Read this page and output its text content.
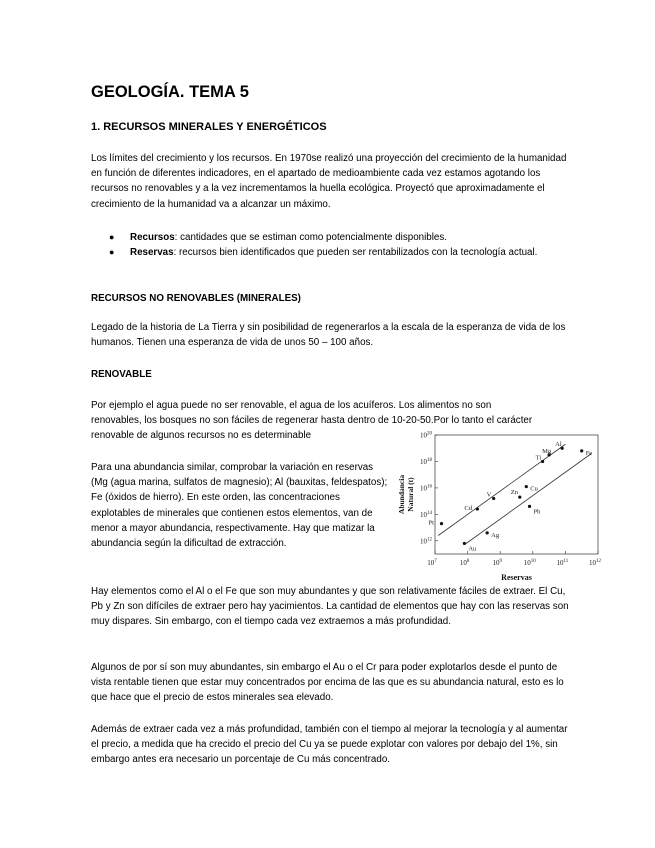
GEOLOGÍA. TEMA 5
1. RECURSOS MINERALES Y ENERGÉTICOS

Los límites del crecimiento y los recursos. En 1970se realizó una proyección del crecimiento de la humanidad en función de diferentes indicadores, en el apartado de medioambiente cada vez estamos agotando los recursos no renovables y a la vez incrementamos la huella ecológica. Proyectó que aproximadamente el crecimiento de la humanidad va a alcanzar un máximo.

● Recursos: cantidades que se estiman como potencialmente disponibles.
● Reservas: recursos bien identificados que pueden ser rentabilizados con la tecnología actual.
RECURSOS NO RENOVABLES (MINERALES)

Legado de la historia de La Tierra y sin posibilidad de regenerarlos a la escala de la esperanza de vida de los humanos. Tienen una esperanza de vida de unos 50 – 100 años.

RENOVABLE

Por ejemplo el agua puede no ser renovable, el agua de los acuíferos. Los alimentos no son renovables, los bosques no son fáciles de regenerar hasta dentro de 10-20-50.Por lo tanto el carácter renovable de algunos recursos no es determinable

Para una abundancia similar, comprobar la variación en reservas (Mg (agua marina, sulfatos de magnesio); Al (bauxitas, feldespatos); Fe (óxidos de hierro). En este orden, las concentraciones explotables de minerales que contienen estos elementos, van de menor a mayor abundancia, respectivamente. Hay que matizar la abundancia según la dificultad de extracción.

$10^7$	$10^8$	$10^9$	$10^{10}$	$10^{11}$	$10^{12}$
$10^{12}$
$10^{14}$
$10^{16}$
$10^{18}$
$10^{20}$
Au
Ag
Pt
Cd
V
Pb
Zn
Cu
Ti
Mg
Al
Fe
Reservas
AbundanciaNatural (t)

Hay elementos como el Al o el Fe que son muy abundantes y que son relativamente fáciles de extraer. El Cu, Pb y Zn son difíciles de extraer pero hay yacimientos. La cantidad de elementos que hay con las reservas son muy dispares. Sin embargo, con el tiempo cada vez extraemos a más profundidad.

Algunos de por sí son muy abundantes, sin embargo el Au o el Cr para poder explotarlos desde el punto de vista rentable tienen que estar muy concentrados por encima de las que es su abundancia natural, esto es lo que hace que el precio de estos minerales sea elevado.

Además de extraer cada vez a más profundidad, también con el tiempo al mejorar la tecnología y al aumentar el precio, a medida que ha crecido el precio del Cu ya se puede explotar con valores por debajo del 1%, sin embargo antes era necesario un porcentaje de Cu más concentrado.
